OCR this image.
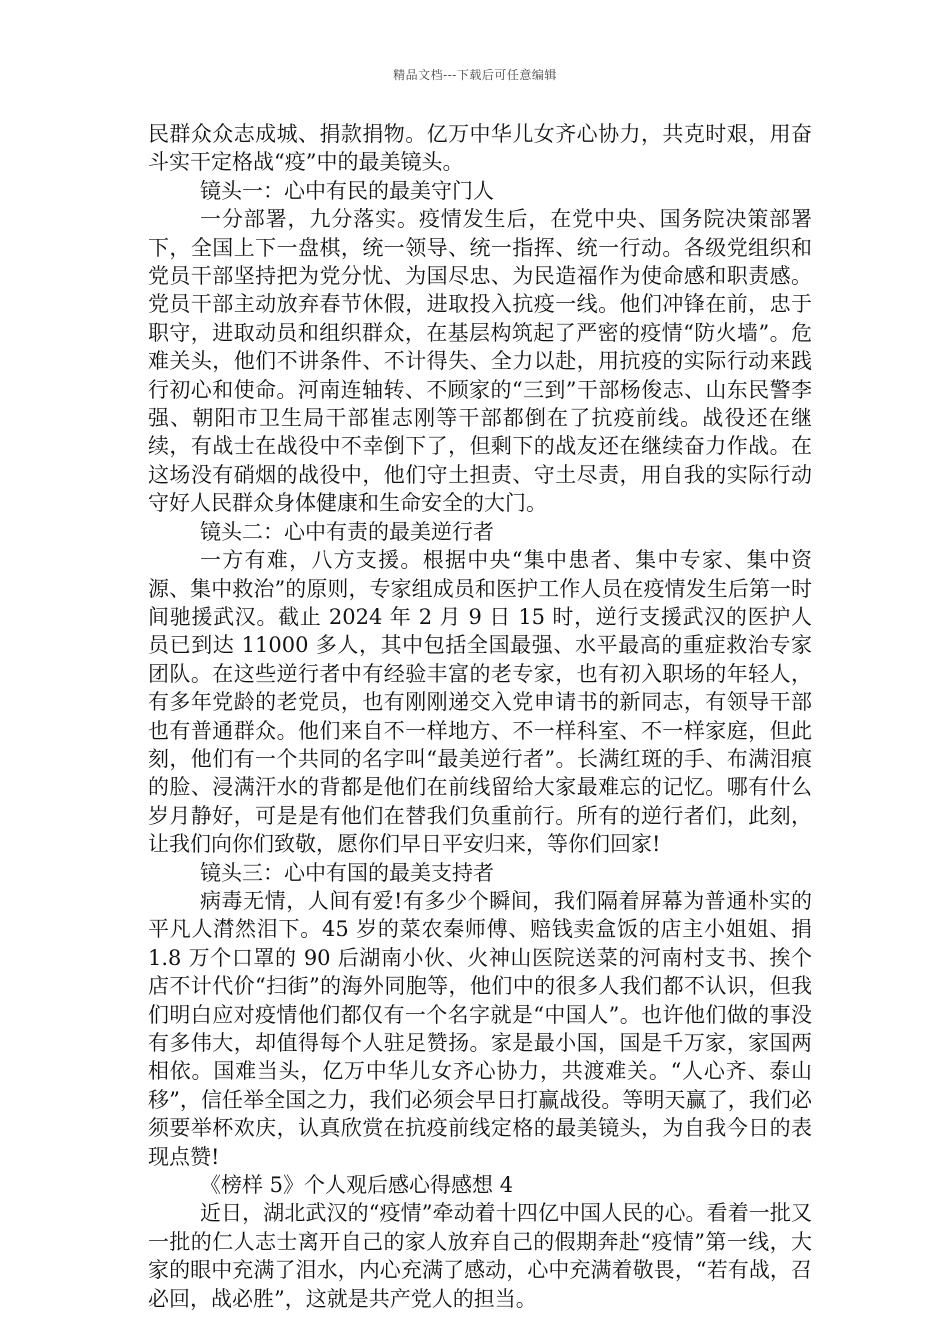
精品文档---下载后可任意编辑

民群众众志成城、捐款捐物。亿万中华儿女齐心协力，共克时艰，用奋斗实干定格战“疫”中的最美镜头。

镜头一：心中有民的最美守门人

一分部署，九分落实。疫情发生后，在党中央、国务院决策部署下，全国上下一盘棋，统一领导、统一指挥、统一行动。各级党组织和党员干部坚持把为党分忧、为国尽忠、为民造福作为使命感和职责感。党员干部主动放弃春节休假，进取投入抗疫一线。他们冲锋在前，忠于职守，进取动员和组织群众，在基层构筑起了严密的疫情“防火墙”。危难关头，他们不讲条件、不计得失、全力以赴，用抗疫的实际行动来践行初心和使命。河南连轴转、不顾家的“三到”干部杨俊志、山东民警李强、朝阳市卫生局干部崔志刚等干部都倒在了抗疫前线。战役还在继续，有战士在战役中不幸倒下了，但剩下的战友还在继续奋力作战。在这场没有硝烟的战役中，他们守土担责、守土尽责，用自我的实际行动守好人民群众身体健康和生命安全的大门。

镜头二：心中有责的最美逆行者

一方有难，八方支援。根据中央“集中患者、集中专家、集中资源、集中救治”的原则，专家组成员和医护工作人员在疫情发生后第一时间驰援武汉。截止 2024 年 2 月 9 日 15 时，逆行支援武汉的医护人员已到达 11000 多人，其中包括全国最强、水平最高的重症救治专家团队。在这些逆行者中有经验丰富的老专家，也有初入职场的年轻人，有多年党龄的老党员，也有刚刚递交入党申请书的新同志，有领导干部也有普通群众。他们来自不一样地方、不一样科室、不一样家庭，但此刻，他们有一个共同的名字叫“最美逆行者”。长满红斑的手、布满泪痕的脸、浸满汗水的背都是他们在前线留给大家最难忘的记忆。哪有什么岁月静好，可是是有他们在替我们负重前行。所有的逆行者们，此刻，让我们向你们致敬，愿你们早日平安归来，等你们回家!

镜头三：心中有国的最美支持者

病毒无情，人间有爱!有多少个瞬间，我们隔着屏幕为普通朴实的平凡人潸然泪下。45 岁的菜农秦师傅、赔钱卖盒饭的店主小姐姐、捐 1.8 万个口罩的 90 后湖南小伙、火神山医院送菜的河南村支书、挨个店不计代价“扫街”的海外同胞等，他们中的很多人我们都不认识，但我们明白应对疫情他们都仅有一个名字就是“中国人”。也许他们做的事没有多伟大，却值得每个人驻足赞扬。家是最小国，国是千万家，家国两相依。国难当头，亿万中华儿女齐心协力，共渡难关。“人心齐、泰山移”，信任举全国之力，我们必须会早日打赢战役。等明天赢了，我们必须要举杯欢庆，认真欣赏在抗疫前线定格的最美镜头，为自我今日的表现点赞!

《榜样 5》个人观后感心得感想 4

近日，湖北武汉的“疫情”牵动着十四亿中国人民的心。看着一批又一批的仁人志士离开自己的家人放弃自己的假期奔赴“疫情”第一线，大家的眼中充满了泪水，内心充满了感动，心中充满着敬畏，“若有战，召必回，战必胜”，这就是共产党人的担当。
